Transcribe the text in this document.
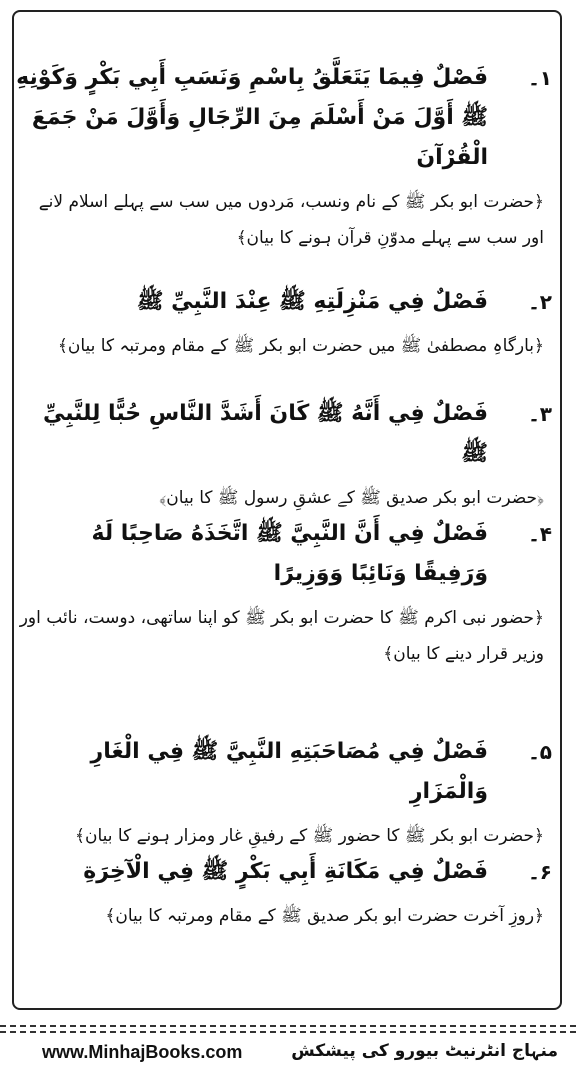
۱۔
فَصْلٌ فِيمَا يَتَعَلَّقُ بِاسْمِ وَنَسَبِ أَبِي بَكْرٍ وَكَوْنِهِ ﷺ أَوَّلَ مَنْ أَسْلَمَ مِنَ الرِّجَالِ وَأَوَّلَ مَنْ جَمَعَ الْقُرْآنَ
﴿حضرت ابو بکر ﷺ کے نام ونسب، مَردوں میں سب سے پہلے اسلام لانے اور سب سے پہلے مدوّنِ قرآن ہونے کا بیان﴾
۲۔
فَصْلٌ فِي مَنْزِلَتِهِ ﷺ عِنْدَ النَّبِيِّ ﷺ
﴿بارگاہِ مصطفیٰ ﷺ میں حضرت ابو بکر ﷺ کے مقام ومرتبہ کا بیان﴾
۳۔
فَصْلٌ فِي أَنَّهُ ﷺ كَانَ أَشَدَّ النَّاسِ حُبًّا لِلنَّبِيِّ ﷺ
﴿حضرت ابو بکر صدیق ﷺ کے عشقِ رسول ﷺ کا بیان﴾
۴۔
فَصْلٌ فِي أَنَّ النَّبِيَّ ﷺ اتَّخَذَهُ صَاحِبًا لَهُ وَرَفِيقًا وَنَائِبًا وَوَزِيرًا
﴿حضور نبی اکرم ﷺ کا حضرت ابو بکر ﷺ کو اپنا ساتھی، دوست، نائب اور وزیر قرار دینے کا بیان﴾
۵۔
فَصْلٌ فِي مُصَاحَبَتِهِ النَّبِيَّ ﷺ فِي الْغَارِ وَالْمَزَارِ
﴿حضرت ابو بکر ﷺ کا حضور ﷺ کے رفیقِ غار ومزار ہونے کا بیان﴾
۶۔
فَصْلٌ فِي مَكَانَةِ أَبِي بَكْرٍ ﷺ فِي الْآخِرَةِ
﴿روزِ آخرت حضرت ابو بکر صدیق ﷺ کے مقام ومرتبہ کا بیان﴾
www.MinhajBooks.com	منہاج انٹرنیٹ بیورو کی پیشکش
